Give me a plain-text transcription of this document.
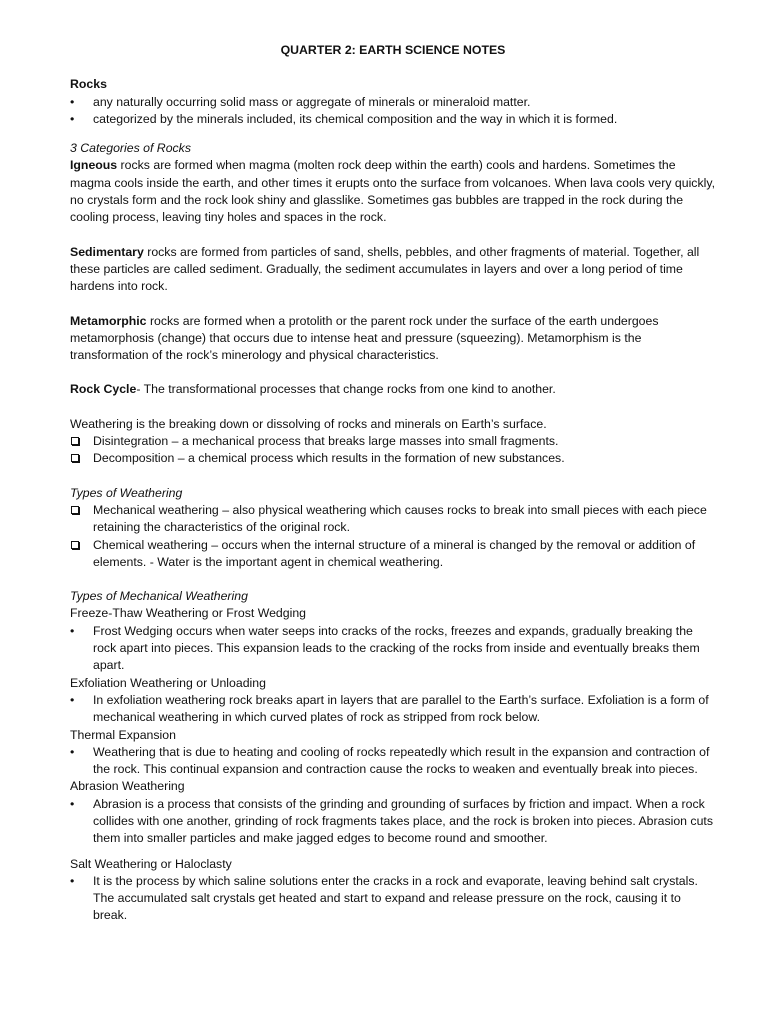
QUARTER 2: EARTH SCIENCE NOTES
Rocks
• any naturally occurring solid mass or aggregate of minerals or mineraloid matter.
• categorized by the minerals included, its chemical composition and the way in which it is formed.
3 Categories of Rocks

Igneous rocks are formed when magma (molten rock deep within the earth) cools and hardens. Sometimes the magma cools inside the earth, and other times it erupts onto the surface from volcanoes. When lava cools very quickly, no crystals form and the rock look shiny and glasslike. Sometimes gas bubbles are trapped in the rock during the cooling process, leaving tiny holes and spaces in the rock.

Sedimentary rocks are formed from particles of sand, shells, pebbles, and other fragments of material. Together, all these particles are called sediment. Gradually, the sediment accumulates in layers and over a long period of time hardens into rock.

Metamorphic rocks are formed when a protolith or the parent rock under the surface of the earth undergoes metamorphosis (change) that occurs due to intense heat and pressure (squeezing). Metamorphism is the transformation of the rock’s minerology and physical characteristics.

Rock Cycle- The transformational processes that change rocks from one kind to another.

Weathering is the breaking down or dissolving of rocks and minerals on Earth’s surface.

Disintegration – a mechanical process that breaks large masses into small fragments.
Decomposition – a chemical process which results in the formation of new substances.
Types of Weathering
Mechanical weathering – also physical weathering which causes rocks to break into small pieces with each piece retaining the characteristics of the original rock.
Chemical weathering – occurs when the internal structure of a mineral is changed by the removal or addition of elements. - Water is the important agent in chemical weathering.
Types of Mechanical Weathering
Freeze-Thaw Weathering or Frost Wedging
• Frost Wedging occurs when water seeps into cracks of the rocks, freezes and expands, gradually breaking the rock apart into pieces. This expansion leads to the cracking of the rocks from inside and eventually breaks them apart.
Exfoliation Weathering or Unloading
• In exfoliation weathering rock breaks apart in layers that are parallel to the Earth’s surface. Exfoliation is a form of mechanical weathering in which curved plates of rock as stripped from rock below.
Thermal Expansion
• Weathering that is due to heating and cooling of rocks repeatedly which result in the expansion and contraction of the rock. This continual expansion and contraction cause the rocks to weaken and eventually break into pieces.
Abrasion Weathering
• Abrasion is a process that consists of the grinding and grounding of surfaces by friction and impact. When a rock collides with one another, grinding of rock fragments takes place, and the rock is broken into pieces. Abrasion cuts them into smaller particles and make jagged edges to become round and smoother.
Salt Weathering or Haloclasty
• It is the process by which saline solutions enter the cracks in a rock and evaporate, leaving behind salt crystals. The accumulated salt crystals get heated and start to expand and release pressure on the rock, causing it to break.
